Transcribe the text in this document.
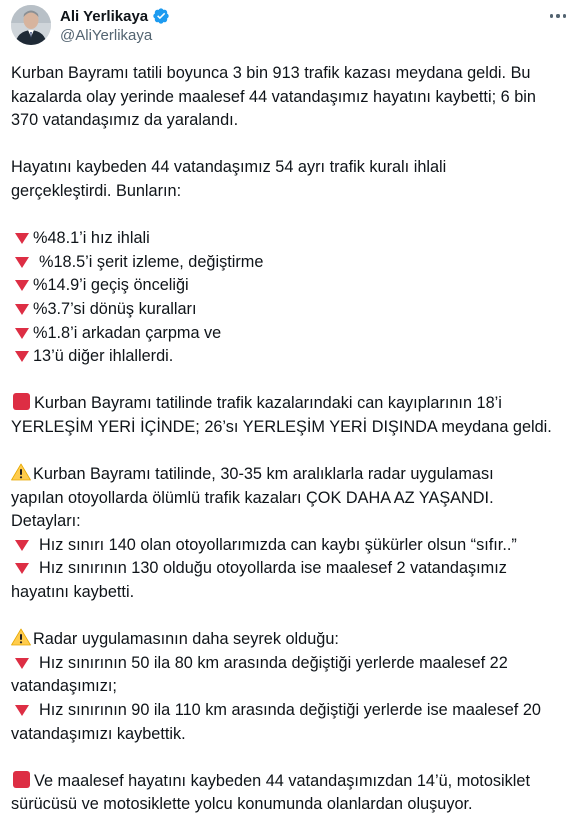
Ali Yerlikaya
@AliYerlikaya
Kurban Bayramı tatili boyunca 3 bin 913 trafik kazası meydana geldi. Bu
kazalarda olay yerinde maalesef 44 vatandaşımız hayatını kaybetti; 6 bin
370 vatandaşımız da yaralandı.
Hayatını kaybeden 44 vatandaşımız 54 ayrı trafik kuralı ihlali
gerçekleştirdi. Bunların:
%48.1’i hız ihlali
%18.5’i şerit izleme, değiştirme
%14.9’i geçiş önceliği
%3.7’si dönüş kuralları
%1.8’i arkadan çarpma ve
13’ü diğer ihlallerdi.
Kurban Bayramı tatilinde trafik kazalarındaki can kayıplarının 18’i
YERLEŞİM YERİ İÇİNDE; 26’sı YERLEŞİM YERİ DIŞINDA meydana geldi.
Kurban Bayramı tatilinde, 30-35 km aralıklarla radar uygulaması
yapılan otoyollarda ölümlü trafik kazaları ÇOK DAHA AZ YAŞANDI.
Detayları:
Hız sınırı 140 olan otoyollarımızda can kaybı şükürler olsun “sıfır..”
Hız sınırının 130 olduğu otoyollarda ise maalesef 2 vatandaşımız
hayatını kaybetti.
Radar uygulamasının daha seyrek olduğu:
Hız sınırının 50 ila 80 km arasında değiştiği yerlerde maalesef 22
vatandaşımızı;
Hız sınırının 90 ila 110 km arasında değiştiği yerlerde ise maalesef 20
vatandaşımızı kaybettik.
Ve maalesef hayatını kaybeden 44 vatandaşımızdan 14’ü, motosiklet
sürücüsü ve motosiklette yolcu konumunda olanlardan oluşuyor.
